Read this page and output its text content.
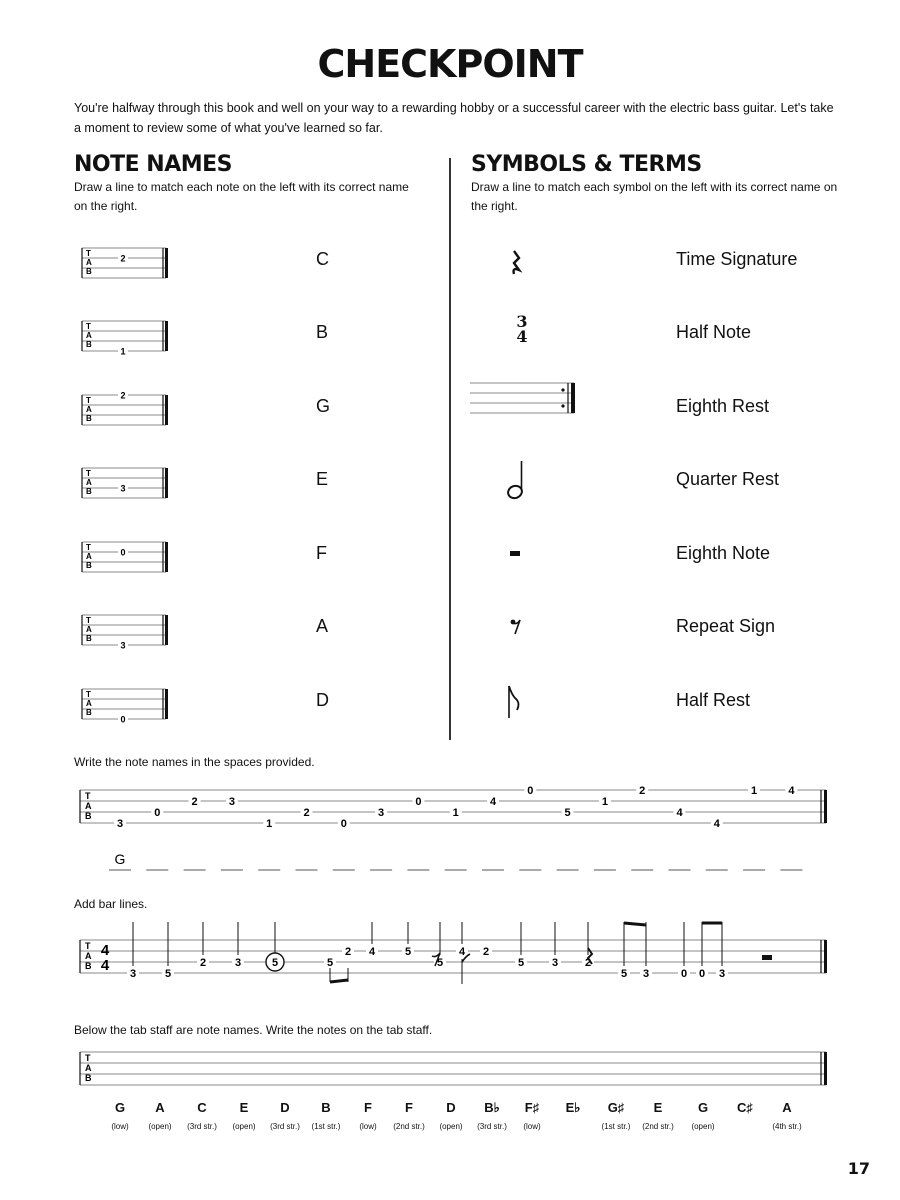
CHECKPOINT
You're halfway through this book and well on your way to a rewarding hobby or a successful career with the electric bass guitar. Let's take a moment to review some of what you've learned so far.
NOTE NAMES
Draw a line to match each note on the left with its correct name on the right.
SYMBOLS & TERMS
Draw a line to match each symbol on the left with its correct name on the right.
T
A
B
2
T
A
B
1
T
A
B
2
T
A
B	3
T
A
B
0
T
A
B
3
T
A
B
0
C
B
G
E
F
A
D
3
4
Time Signature
Half Note
Eighth Rest
Quarter Rest
Eighth Note
Repeat Sign
Half Rest
Write the note names in the spaces provided.
T
A
B
3
0
2	3
1
2
0
3
0
1
4
0
5
1
2
4
4
1	4
G
Add bar lines.
T
A
B
4
4 3	5
2	3	5	5
2 4	5
5
4 2
5	3 2
5 3	0 0 3
Below the tab staff are note names. Write the notes on the tab staff.
T
A
B
G
(low)
A
(open)
C
(3rd str.)
E
(open)
D
(3rd str.)
B
(1st str.)
F
(low)
F
(2nd str.)
D
(open)
B♭
(3rd str.)
F♯
(low)
E♭	G♯
(1st str.)
E
(2nd str.)
G
(open)
C♯	A
(4th str.)
17
